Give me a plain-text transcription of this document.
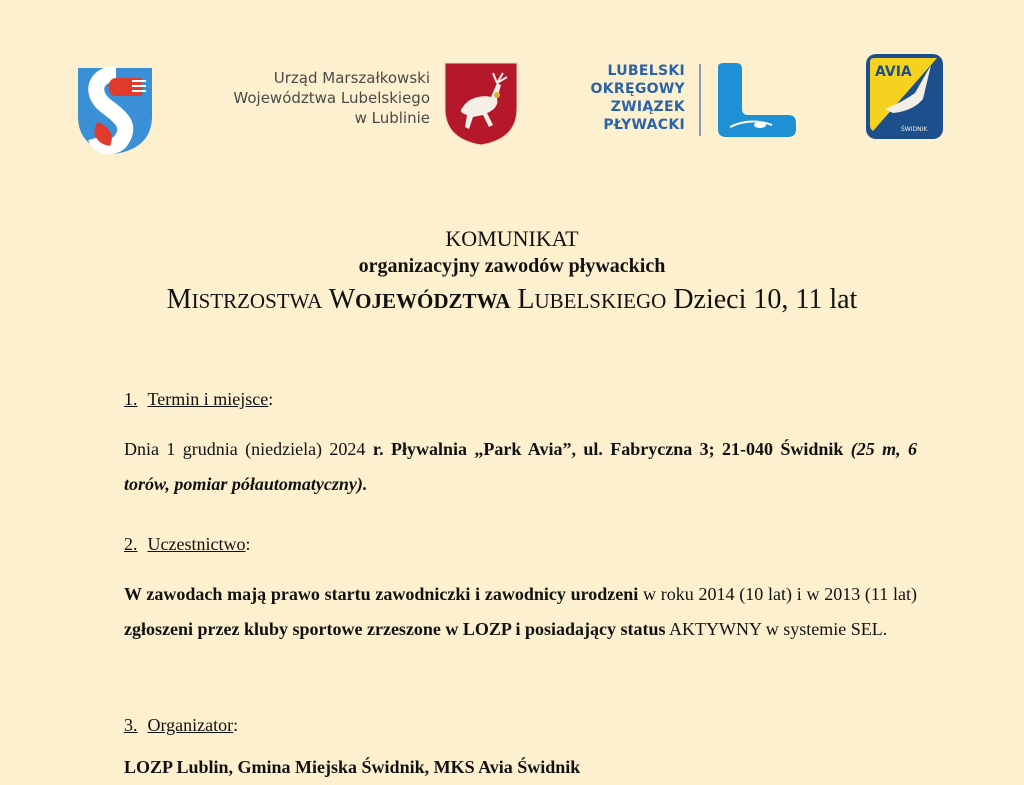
Urząd Marszałkowski
Województwa Lubelskiego
w Lublinie
LUBELSKI
OKRĘGOWY
ZWIĄZEK
PŁYWACKI
AVIA
ŚWIDNIK
KOMUNIKAT
organizacyjny zawodów pływackich
MISTRZOSTWA WOJEWÓDZTWA LUBELSKIEGO Dzieci 10, 11 lat
1. Termin i miejsce:
Dnia 1 grudnia (niedziela) 2024 r. Pływalnia „Park Avia”, ul. Fabryczna 3; 21-040 Świdnik (25 m, 6 torów, pomiar półautomatyczny).
2. Uczestnictwo:
W zawodach mają prawo startu zawodniczki i zawodnicy urodzeni w roku 2014 (10 lat) i w 2013 (11 lat) zgłoszeni przez kluby sportowe zrzeszone w LOZP i posiadający status AKTYWNY w systemie SEL.
3. Organizator:
LOZP Lublin, Gmina Miejska Świdnik, MKS Avia Świdnik
